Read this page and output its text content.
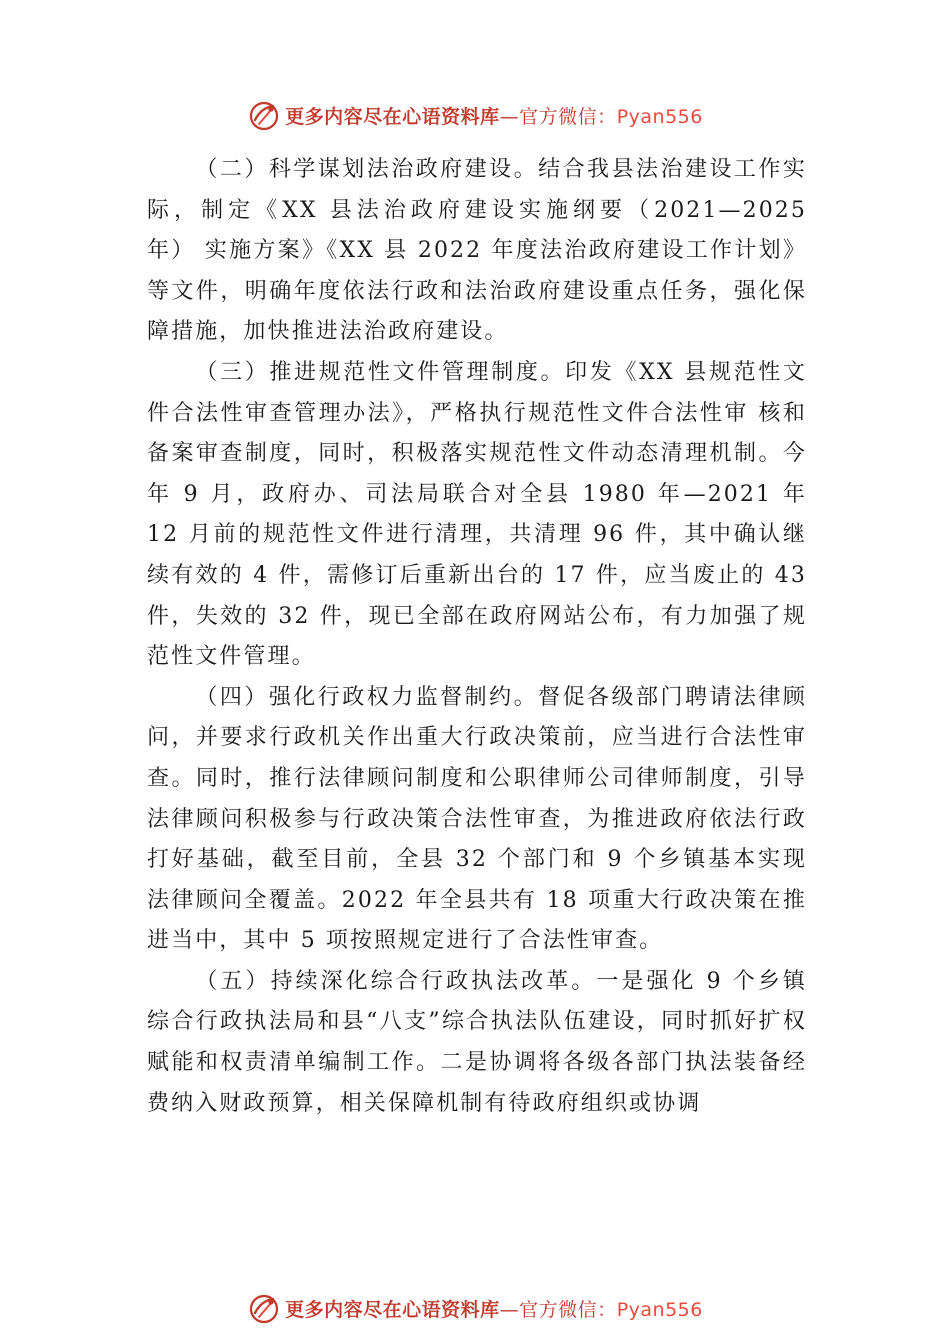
更多内容尽在心语资料库—官方微信：Pyan556

（二）科学谋划法治政府建设。结合我县法治建设工作实际，制定《XX 县法治政府建设实施纲要（2021—2025 年） 实施方案》《XX 县 2022 年度法治政府建设工作计划》等文件，明确年度依法行政和法治政府建设重点任务，强化保障措施，加快推进法治政府建设。

（三）推进规范性文件管理制度。印发《XX 县规范性文件合法性审查管理办法》，严格执行规范性文件合法性审 核和备案审查制度，同时，积极落实规范性文件动态清理机制。今年 9 月，政府办、司法局联合对全县 1980 年—2021 年 12 月前的规范性文件进行清理，共清理 96 件，其中确认继续有效的 4 件，需修订后重新出台的 17 件，应当废止的 43 件，失效的 32 件，现已全部在政府网站公布，有力加强了规范性文件管理。

（四）强化行政权力监督制约。督促各级部门聘请法律顾问，并要求行政机关作出重大行政决策前，应当进行合法性审查。同时，推行法律顾问制度和公职律师公司律师制度，引导法律顾问积极参与行政决策合法性审查，为推进政府依法行政打好基础，截至目前，全县 32 个部门和 9 个乡镇基本实现法律顾问全覆盖。2022 年全县共有 18 项重大行政决策在推进当中，其中 5 项按照规定进行了合法性审查。

（五）持续深化综合行政执法改革。一是强化 9 个乡镇综合行政执法局和县“八支”综合执法队伍建设，同时抓好扩权赋能和权责清单编制工作。二是协调将各级各部门执法装备经费纳入财政预算，相关保障机制有待政府组织或协调

更多内容尽在心语资料库—官方微信：Pyan556
